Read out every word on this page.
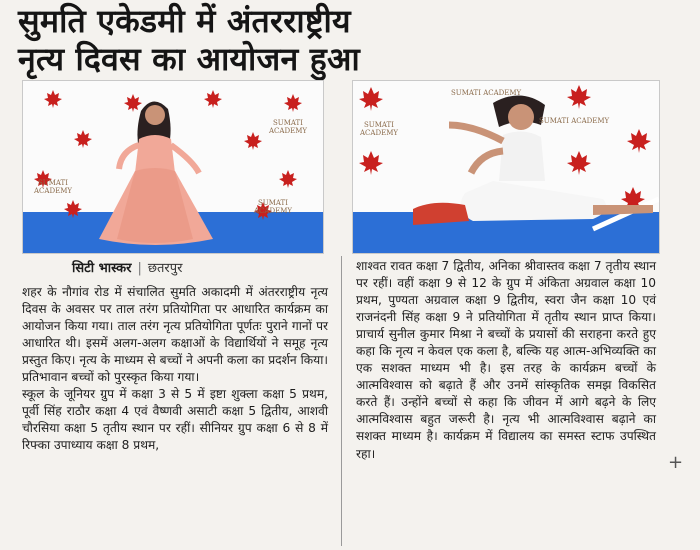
सुमति एकेडमी में अंतरराष्ट्रीय
नृत्य दिवस का आयोजन हुआ
SUMATI ACADEMY
SUMATI ACADEMY
SUMATI ACADEMY
SUMATI ACADEMY
SUMATI ACADEMY
SUMATI ACADEMY
सिटी भास्कर | छतरपुर

शहर के नौगांव रोड में संचालित सुमति अकादमी में अंतरराष्ट्रीय नृत्य दिवस के अवसर पर ताल तरंग प्रतियोगिता पर आधारित कार्यक्रम का आयोजन किया गया। ताल तरंग नृत्य प्रतियोगिता पूर्णतः पुराने गानों पर आधारित थी। इसमें अलग-अलग कक्षाओं के विद्यार्थियों ने समूह नृत्य प्रस्तुत किए। नृत्य के माध्यम से बच्चों ने अपनी कला का प्रदर्शन किया। प्रतिभावान बच्चों को पुरस्कृत किया गया।

स्कूल के जूनियर ग्रुप में कक्षा 3 से 5 में इष्टा शुक्ला कक्षा 5 प्रथम, पूर्वी सिंह राठौर कक्षा 4 एवं वैष्णवी असाटी कक्षा 5 द्वितीय, आशवी चौरसिया कक्षा 5 तृतीय स्थान पर रहीं। सीनियर ग्रुप कक्षा 6 से 8 में रिफ्का उपाध्याय कक्षा 8 प्रथम,

शाश्वत रावत कक्षा 7 द्वितीय, अनिका श्रीवास्तव कक्षा 7 तृतीय स्थान पर रहीं। वहीं कक्षा 9 से 12 के ग्रुप में अंकिता अग्रवाल कक्षा 10 प्रथम, पुण्यता अग्रवाल कक्षा 9 द्वितीय, स्वरा जैन कक्षा 10 एवं राजनंदनी सिंह कक्षा 9 ने प्रतियोगिता में तृतीय स्थान प्राप्त किया। प्राचार्य सुनील कुमार मिश्रा ने बच्चों के प्रयासों की सराहना करते हुए कहा कि नृत्य न केवल एक कला है, बल्कि यह आत्म-अभिव्यक्ति का एक सशक्त माध्यम भी है। इस तरह के कार्यक्रम बच्चों के आत्मविश्वास को बढ़ाते हैं और उनमें सांस्कृतिक समझ विकसित करते हैं। उन्होंने बच्चों से कहा कि जीवन में आगे बढ़ने के लिए आत्मविश्वास बहुत जरूरी है। नृत्य भी आत्मविश्वास बढ़ाने का सशक्त माध्यम है। कार्यक्रम में विद्यालय का समस्त स्टाफ उपस्थित रहा।	+
